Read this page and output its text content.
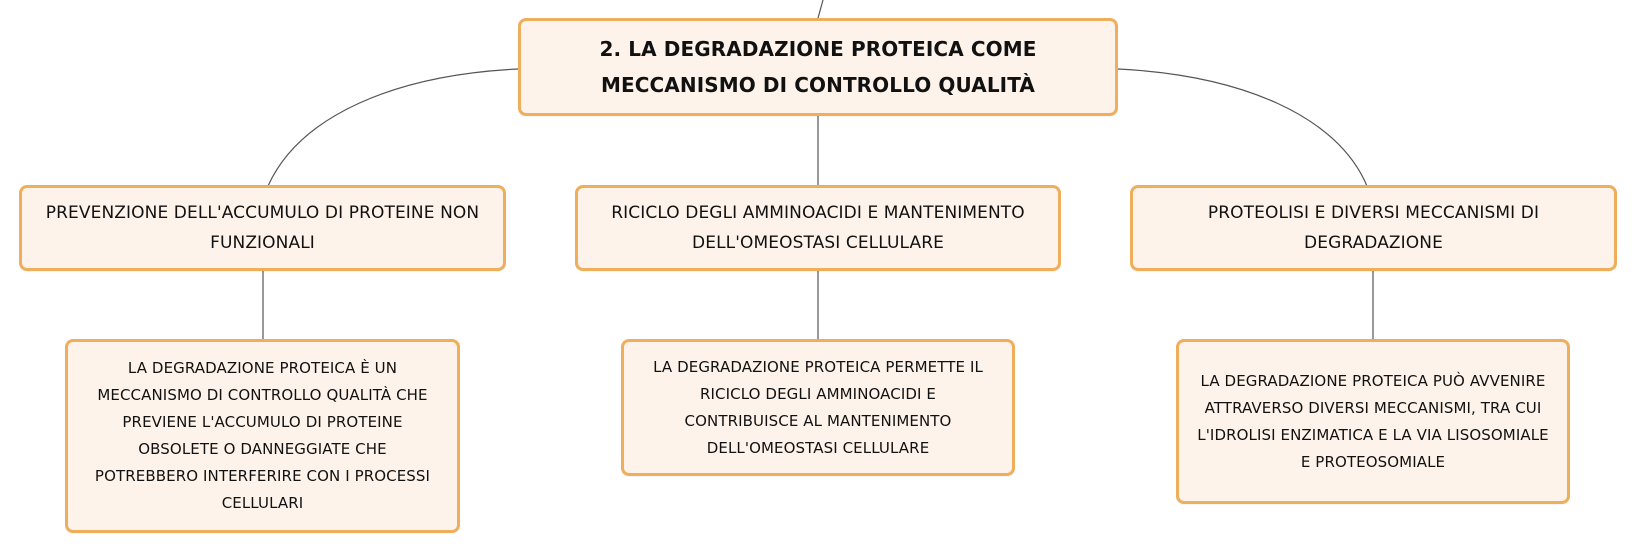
2. LA DEGRADAZIONE PROTEICA COME
MECCANISMO DI CONTROLLO QUALITÀ
PREVENZIONE DELL'ACCUMULO DI PROTEINE NON
FUNZIONALI
RICICLO DEGLI AMMINOACIDI E MANTENIMENTO
DELL'OMEOSTASI CELLULARE
PROTEOLISI E DIVERSI MECCANISMI DI
DEGRADAZIONE
LA DEGRADAZIONE PROTEICA È UN
MECCANISMO DI CONTROLLO QUALITÀ CHE
PREVIENE L'ACCUMULO DI PROTEINE
OBSOLETE O DANNEGGIATE CHE
POTREBBERO INTERFERIRE CON I PROCESSI
CELLULARI
LA DEGRADAZIONE PROTEICA PERMETTE IL
RICICLO DEGLI AMMINOACIDI E
CONTRIBUISCE AL MANTENIMENTO
DELL'OMEOSTASI CELLULARE
LA DEGRADAZIONE PROTEICA PUÒ AVVENIRE
ATTRAVERSO DIVERSI MECCANISMI, TRA CUI
L'IDROLISI ENZIMATICA E LA VIA LISOSOMIALE
E PROTEOSOMIALE
